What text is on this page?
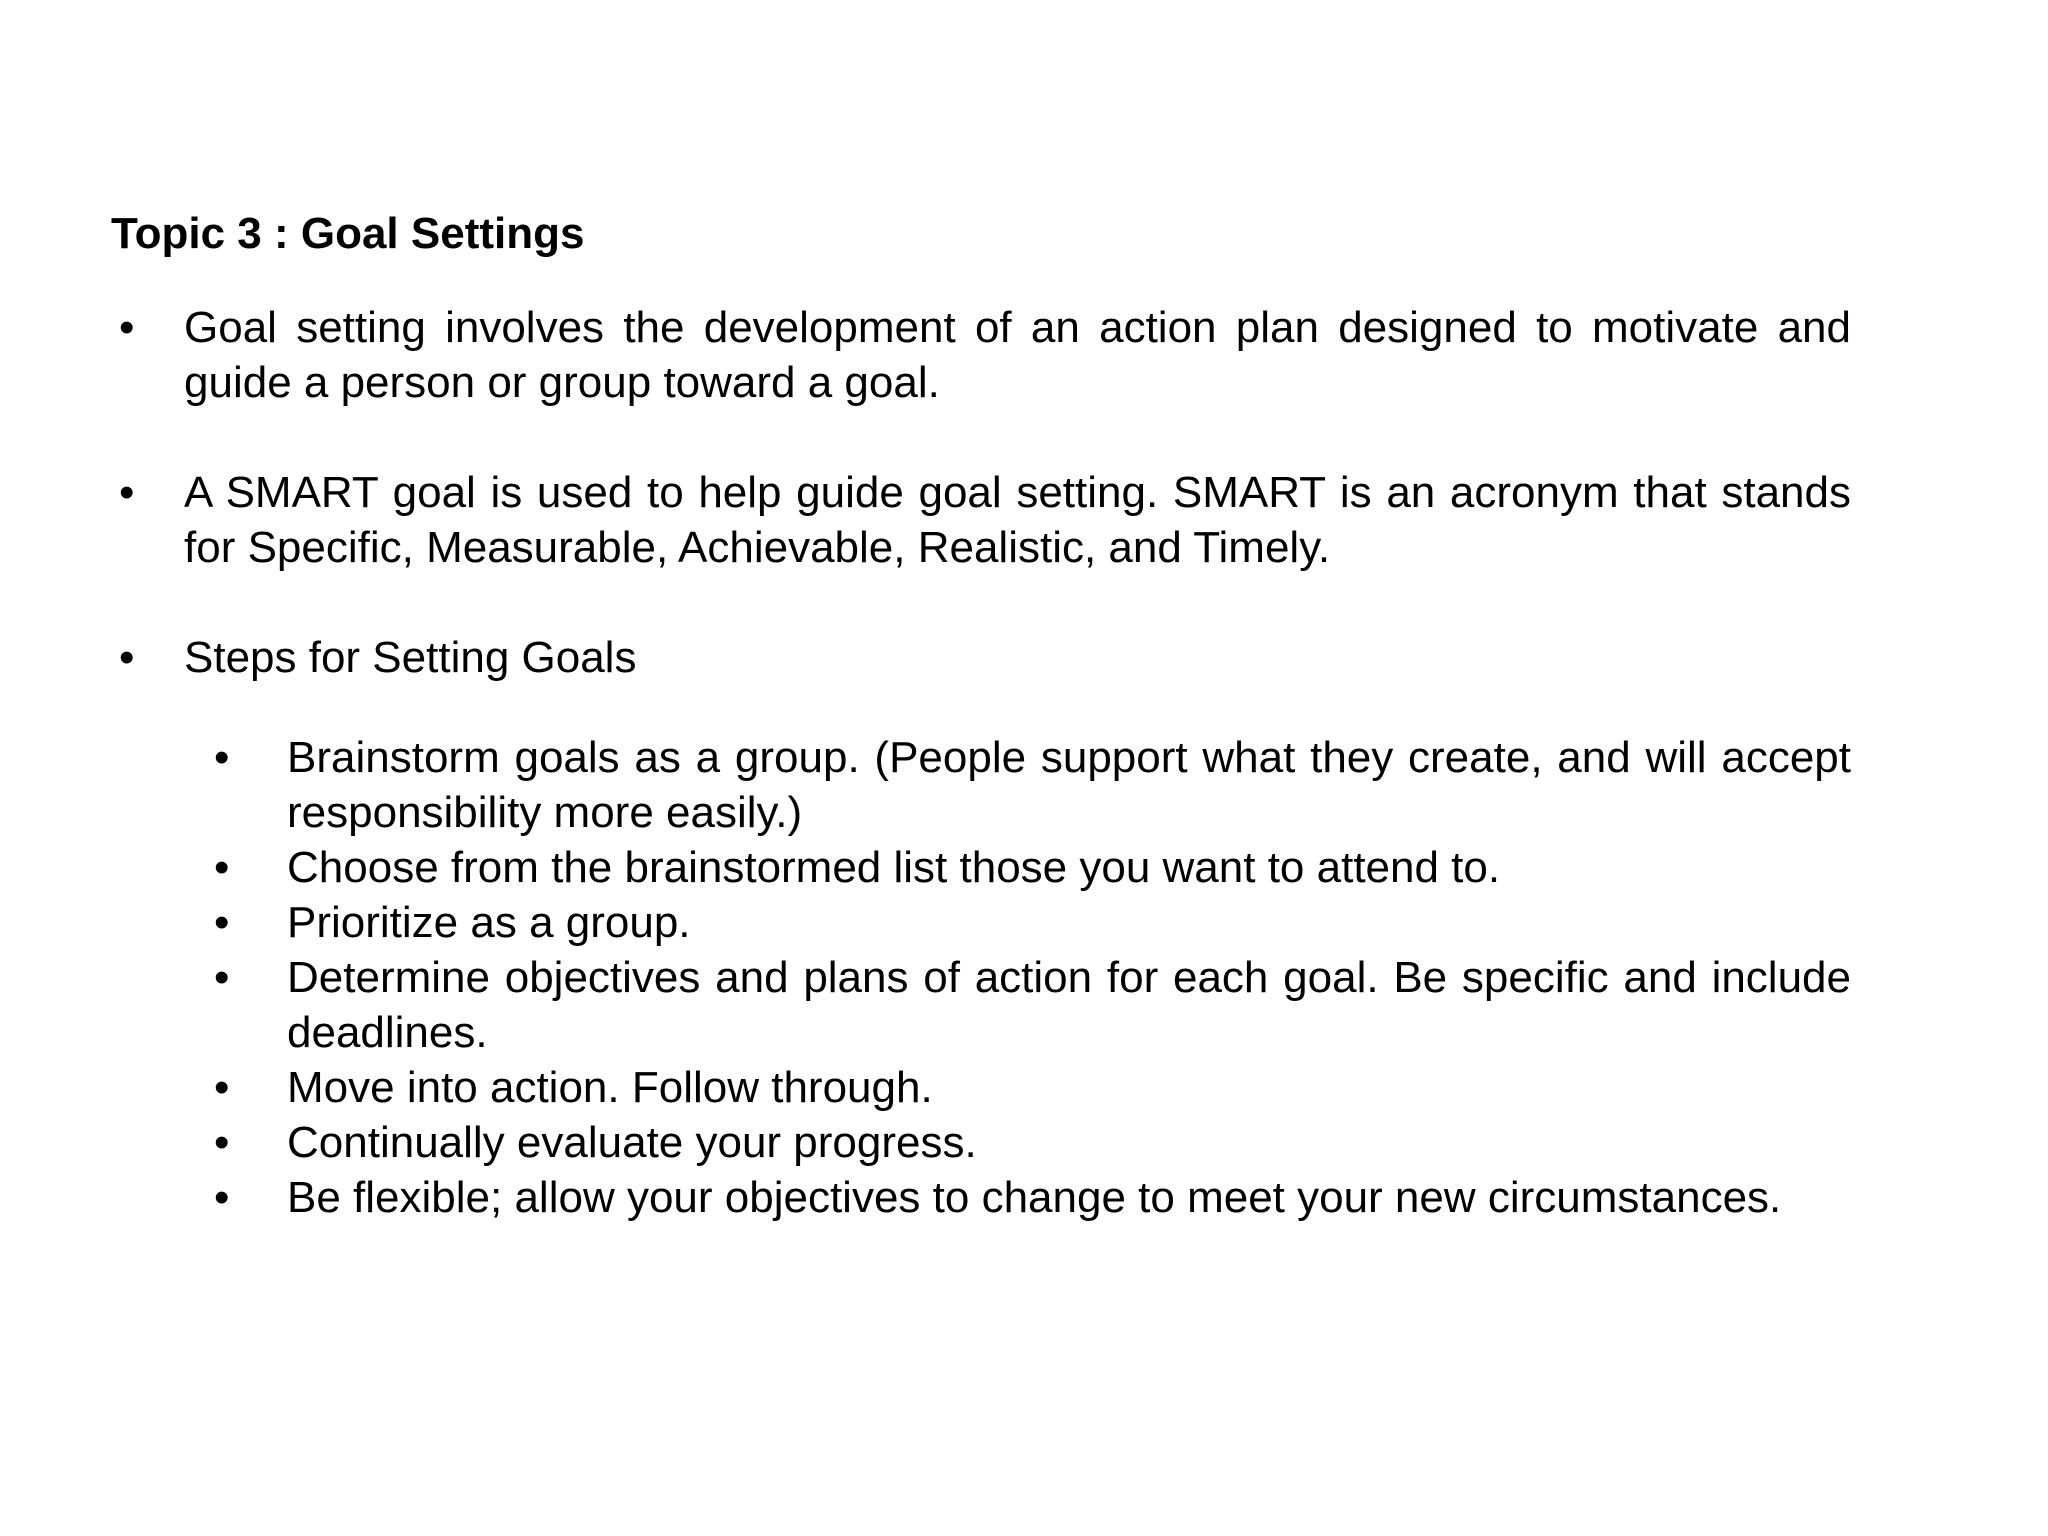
Topic 3 : Goal Settings
• Goal setting involves the development of an action plan designed to motivate and guide a person or group toward a goal.
• A SMART goal is used to help guide goal setting. SMART is an acronym that stands for Specific, Measurable, Achievable, Realistic, and Timely.
• Steps for Setting Goals
• Brainstorm goals as a group. (People support what they create, and will accept responsibility more easily.)
• Choose from the brainstormed list those you want to attend to.
• Prioritize as a group.
• Determine objectives and plans of action for each goal. Be specific and include deadlines.
• Move into action. Follow through.
• Continually evaluate your progress.
• Be flexible; allow your objectives to change to meet your new circumstances.
